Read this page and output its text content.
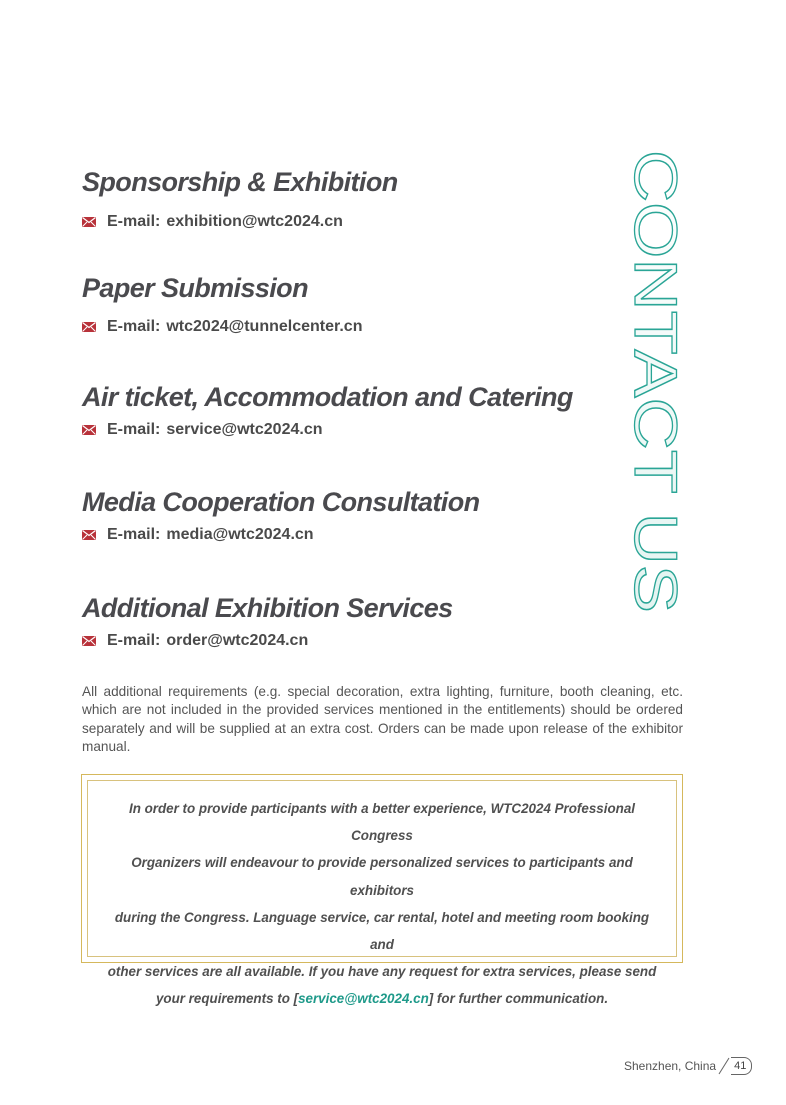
Sponsorship & Exhibition
E-mail: exhibition@wtc2024.cn
Paper Submission
E-mail: wtc2024@tunnelcenter.cn
Air ticket, Accommodation and Catering
E-mail: service@wtc2024.cn
Media Cooperation Consultation
E-mail: media@wtc2024.cn
Additional Exhibition Services
E-mail: order@wtc2024.cn
CONTACT US
All additional requirements (e.g. special decoration, extra lighting, furniture, booth cleaning, etc. which are not included in the provided services mentioned in the entitlements) should be ordered separately and will be supplied at an extra cost. Orders can be made upon release of the exhibitor manual.
In order to provide participants with a better experience, WTC2024 Professional Congress
Organizers will endeavour to provide personalized services to participants and exhibitors
during the Congress. Language service, car rental, hotel and meeting room booking and
other services are all available. If you have any request for extra services, please send
your requirements to [service@wtc2024.cn] for further communication.
Shenzhen, China 41
